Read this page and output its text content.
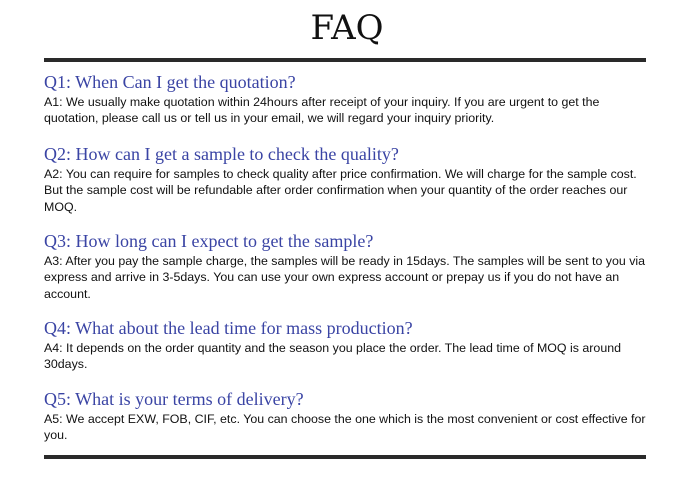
FAQ

Q1: When Can I get the quotation?

A1: We usually make quotation within 24hours after receipt of your inquiry. If you are urgent to get the quotation, please call us or tell us in your email, we will regard your inquiry priority.

Q2: How can I get a sample to check the quality?

A2: You can require for samples to check quality after price confirmation. We will charge for the sample cost. But the sample cost will be refundable after order confirmation when your quantity of the order reaches our MOQ.

Q3: How long can I expect to get the sample?

A3: After you pay the sample charge, the samples will be ready in 15days. The samples will be sent to you via express and arrive in 3-5days. You can use your own express account or prepay us if you do not have an account.

Q4: What about the lead time for mass production?

A4: It depends on the order quantity and the season you place the order. The lead time of MOQ is around 30days.

Q5: What is your terms of delivery?

A5: We accept EXW, FOB, CIF, etc. You can choose the one which is the most convenient or cost effective for you.
